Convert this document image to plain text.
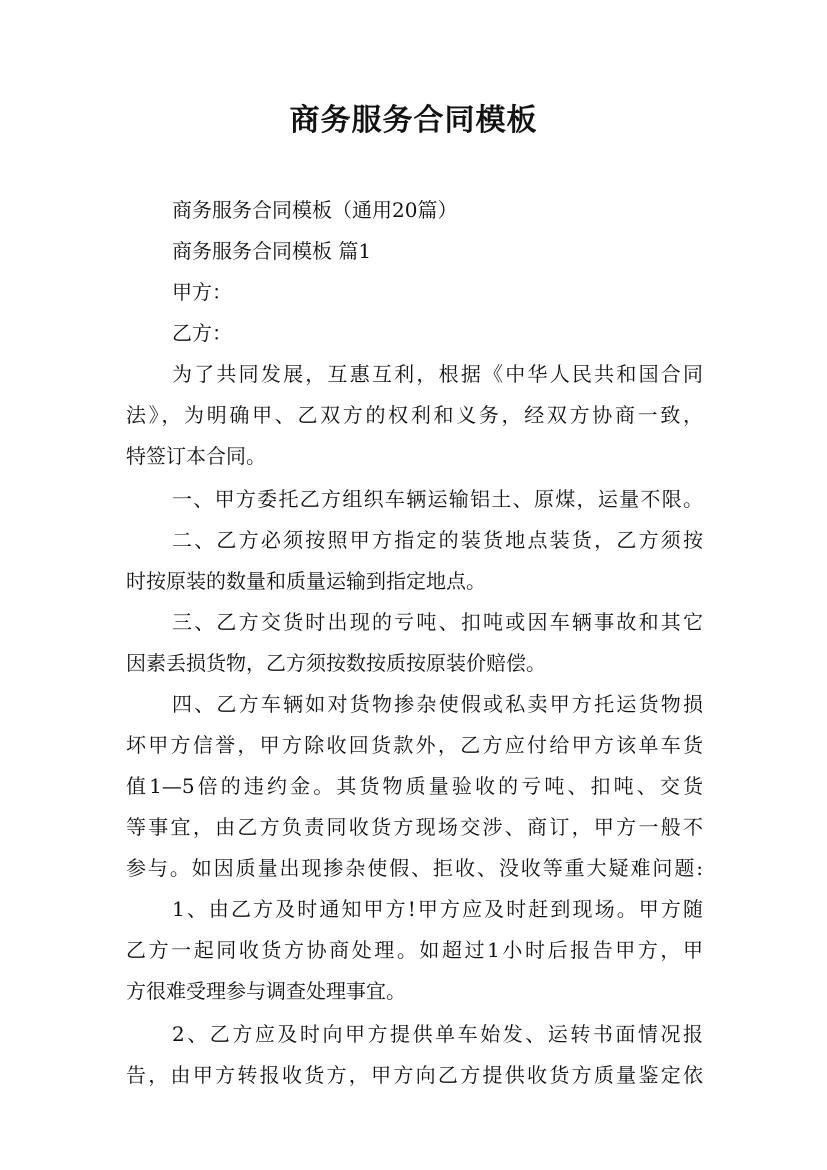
商务服务合同模板
商务服务合同模板（通用20篇）
商务服务合同模板 篇1
甲方：
乙方：
为了共同发展，互惠互利，根据《中华人民共和国合同
法》，为明确甲、乙双方的权利和义务，经双方协商一致，
特签订本合同。
一、甲方委托乙方组织车辆运输铝土、原煤，运量不限。
二、乙方必须按照甲方指定的装货地点装货，乙方须按
时按原装的数量和质量运输到指定地点。
三、乙方交货时出现的亏吨、扣吨或因车辆事故和其它
因素丢损货物，乙方须按数按质按原装价赔偿。
四、乙方车辆如对货物掺杂使假或私卖甲方托运货物损
坏甲方信誉，甲方除收回货款外，乙方应付给甲方该单车货
值1—5倍的违约金。其货物质量验收的亏吨、扣吨、交货
等事宜，由乙方负责同收货方现场交涉、商订，甲方一般不
参与。如因质量出现掺杂使假、拒收、没收等重大疑难问题:
1、由乙方及时通知甲方!甲方应及时赶到现场。甲方随
乙方一起同收货方协商处理。如超过1小时后报告甲方，甲
方很难受理参与调查处理事宜。
2、乙方应及时向甲方提供单车始发、运转书面情况报
告，由甲方转报收货方，甲方向乙方提供收货方质量鉴定依
